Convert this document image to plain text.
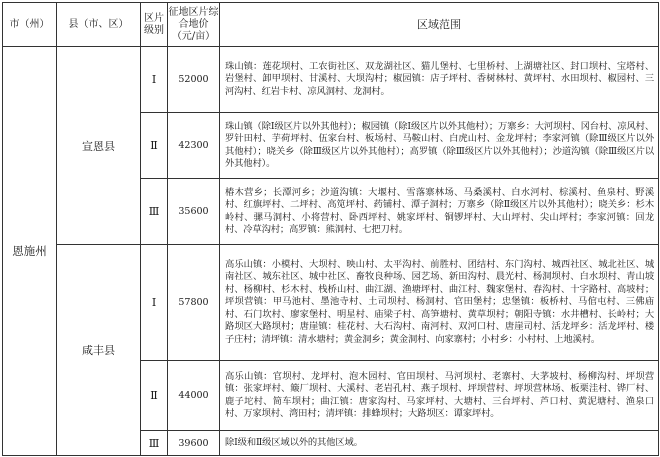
市（州）	县（市、区）	区片级别	征地区片综合地价（元/亩）	区域范围
恩施州	宣恩县	Ⅰ	52000	珠山镇：莲花坝村、工农街社区、双龙湖社区、猫儿堡村、七里桥村、上湖塘社区、封口坝村、宝塔村、岩堡村、卸甲坝村、甘溪村、大坝沟村；椒园镇：店子坪村、香树林村、黄坪村、水田坝村、椒园村、三河沟村、红岩卡村、凉风洞村、龙洞村。
		Ⅱ	42300	珠山镇（除Ⅰ级区片以外其他村）；椒园镇（除Ⅰ级区片以外其他村）；万寨乡：大河坝村、冈台村、凉风村、罗针田村、芋荷坪村、伍家台村、板场村、马鞍山村、白虎山村、金龙坪村；李家河镇（除Ⅲ级区片以外其他村）；晓关乡（除Ⅲ级区片以外其他村）；高罗镇（除Ⅲ级区片以外其他村）；沙道沟镇（除Ⅲ级区片以外其他村）。
		Ⅲ	35600	椿木营乡；长潭河乡；沙道沟镇：大堰村、雪落寨林场、马桑溪村、白水河村、棕溪村、鱼泉村、野溪村、红旗坪村、二坪村、高笕坪村、药铺村、潭子洞村；万寨乡（除Ⅱ级区片以外其他村）；晓关乡：杉木岭村、骡马洞村、小将营村、卧西坪村、姚家坪村、铜锣坪村、大山坪村、尖山坪村；李家河镇：回龙村、冷草沟村；高罗镇：熊洞村、七把刀村。
	咸丰县	Ⅰ	57800	高乐山镇：小模村、大坝村、映山村、太平沟村、前胜村、团结村、东门沟村、城西社区、城北社区、城南社区、城东社区、城中社区、畜牧良种场、园艺场、新田沟村、晨光村、杨洞坝村、白水坝村、青山坡村、杨柳村、杉木村、栈桥山村、曲江湖、渔塘坪村、曲江村、魏家堡村、春沟村、十字路村、高坡村；坪坝营镇：甲马池村、墨池寺村、土司坝村、杨洞村、官田堡村；忠堡镇：板桥村、马倌屯村、三佛庙村、石门坎村、廖家堡村、明星村、庙梁子村、高笋塘村、黄草坝村；朝阳寺镇：水井槽村、长岭村；大路坝区大路坝村；唐崖镇：桂花村、大石沟村、南河村、双河口村、唐崖司村、活龙坪乡：活龙坪村、楼子庄村；清坪镇：清水塘村；黄金洞乡；黄金洞村、向家寨村；小村乡：小村村、上地溪村。
		Ⅱ	44000	高乐山镇：官坝村、龙坪村、泡木园村、官田坝村、马河坝村、老寨村、大茅坡村、杨柳沟村、坪坝营镇：张家坪村、簸厂坝村、大溪村、老岩孔村、燕子坝村、坪坝营村、坪坝营林场、板栗洼村、铧厂村、鹿子坨村、简车坝村；曲江镇：唐家沟村、马家坪村、大塘村、三台坪村、芦口村、黄泥塘村、渔泉口村、万家坝村、湾田村；清坪镇：排蜂坝村；大路坝区：谭家坪村。
		Ⅲ	39600	除Ⅰ级和Ⅱ级区域以外的其他区域。
